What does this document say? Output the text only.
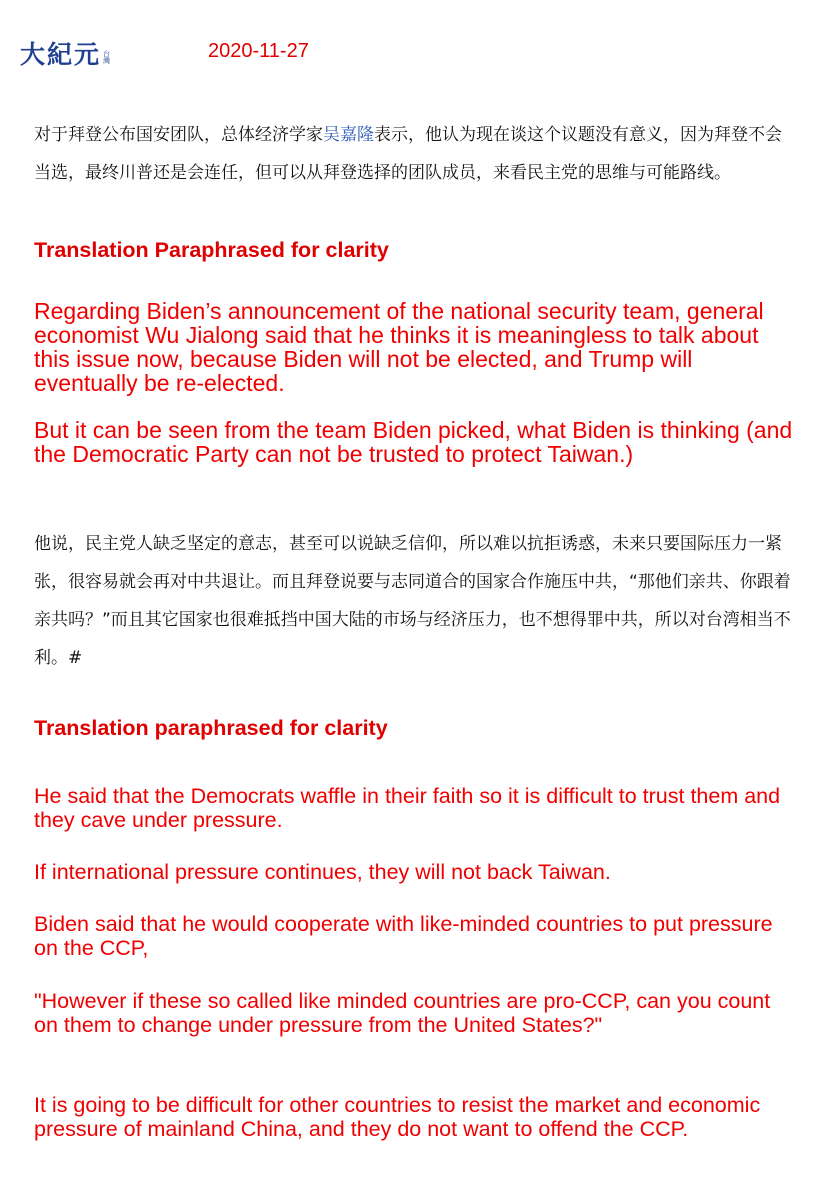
大紀元 台灣	2020-11-27

对于拜登公布国安团队，总体经济学家吴嘉隆表示，他认为现在谈这个议题没有意义，因为拜登不会当选，最终川普还是会连任，但可以从拜登选择的团队成员，来看民主党的思维与可能路线。

Translation Paraphrased for clarity

Regarding Biden’s announcement of the national security team, general economist Wu Jialong said that he thinks it is meaningless to talk about this issue now, because Biden will not be elected, and Trump will eventually be re-elected.

But it can be seen from the team Biden picked, what Biden is thinking (and the Democratic Party can not be trusted to protect Taiwan.)

他说，民主党人缺乏坚定的意志，甚至可以说缺乏信仰，所以难以抗拒诱惑，未来只要国际压力一紧张，很容易就会再对中共退让。而且拜登说要与志同道合的国家合作施压中共，“那他们亲共、你跟着亲共吗？”而且其它国家也很难抵挡中国大陆的市场与经济压力，也不想得罪中共，所以对台湾相当不利。#

Translation paraphrased for clarity

He said that the Democrats waffle in their faith so it is difficult to trust them and they cave under pressure.

If international pressure continues, they will not back Taiwan.

Biden said that he would cooperate with like-minded countries to put pressure on the CCP,

"However if these so called like minded countries are pro-CCP, can you count on them to change under pressure from the United States?"

It is going to be difficult for other countries to resist the market and economic pressure of mainland China, and they do not want to offend the CCP.
